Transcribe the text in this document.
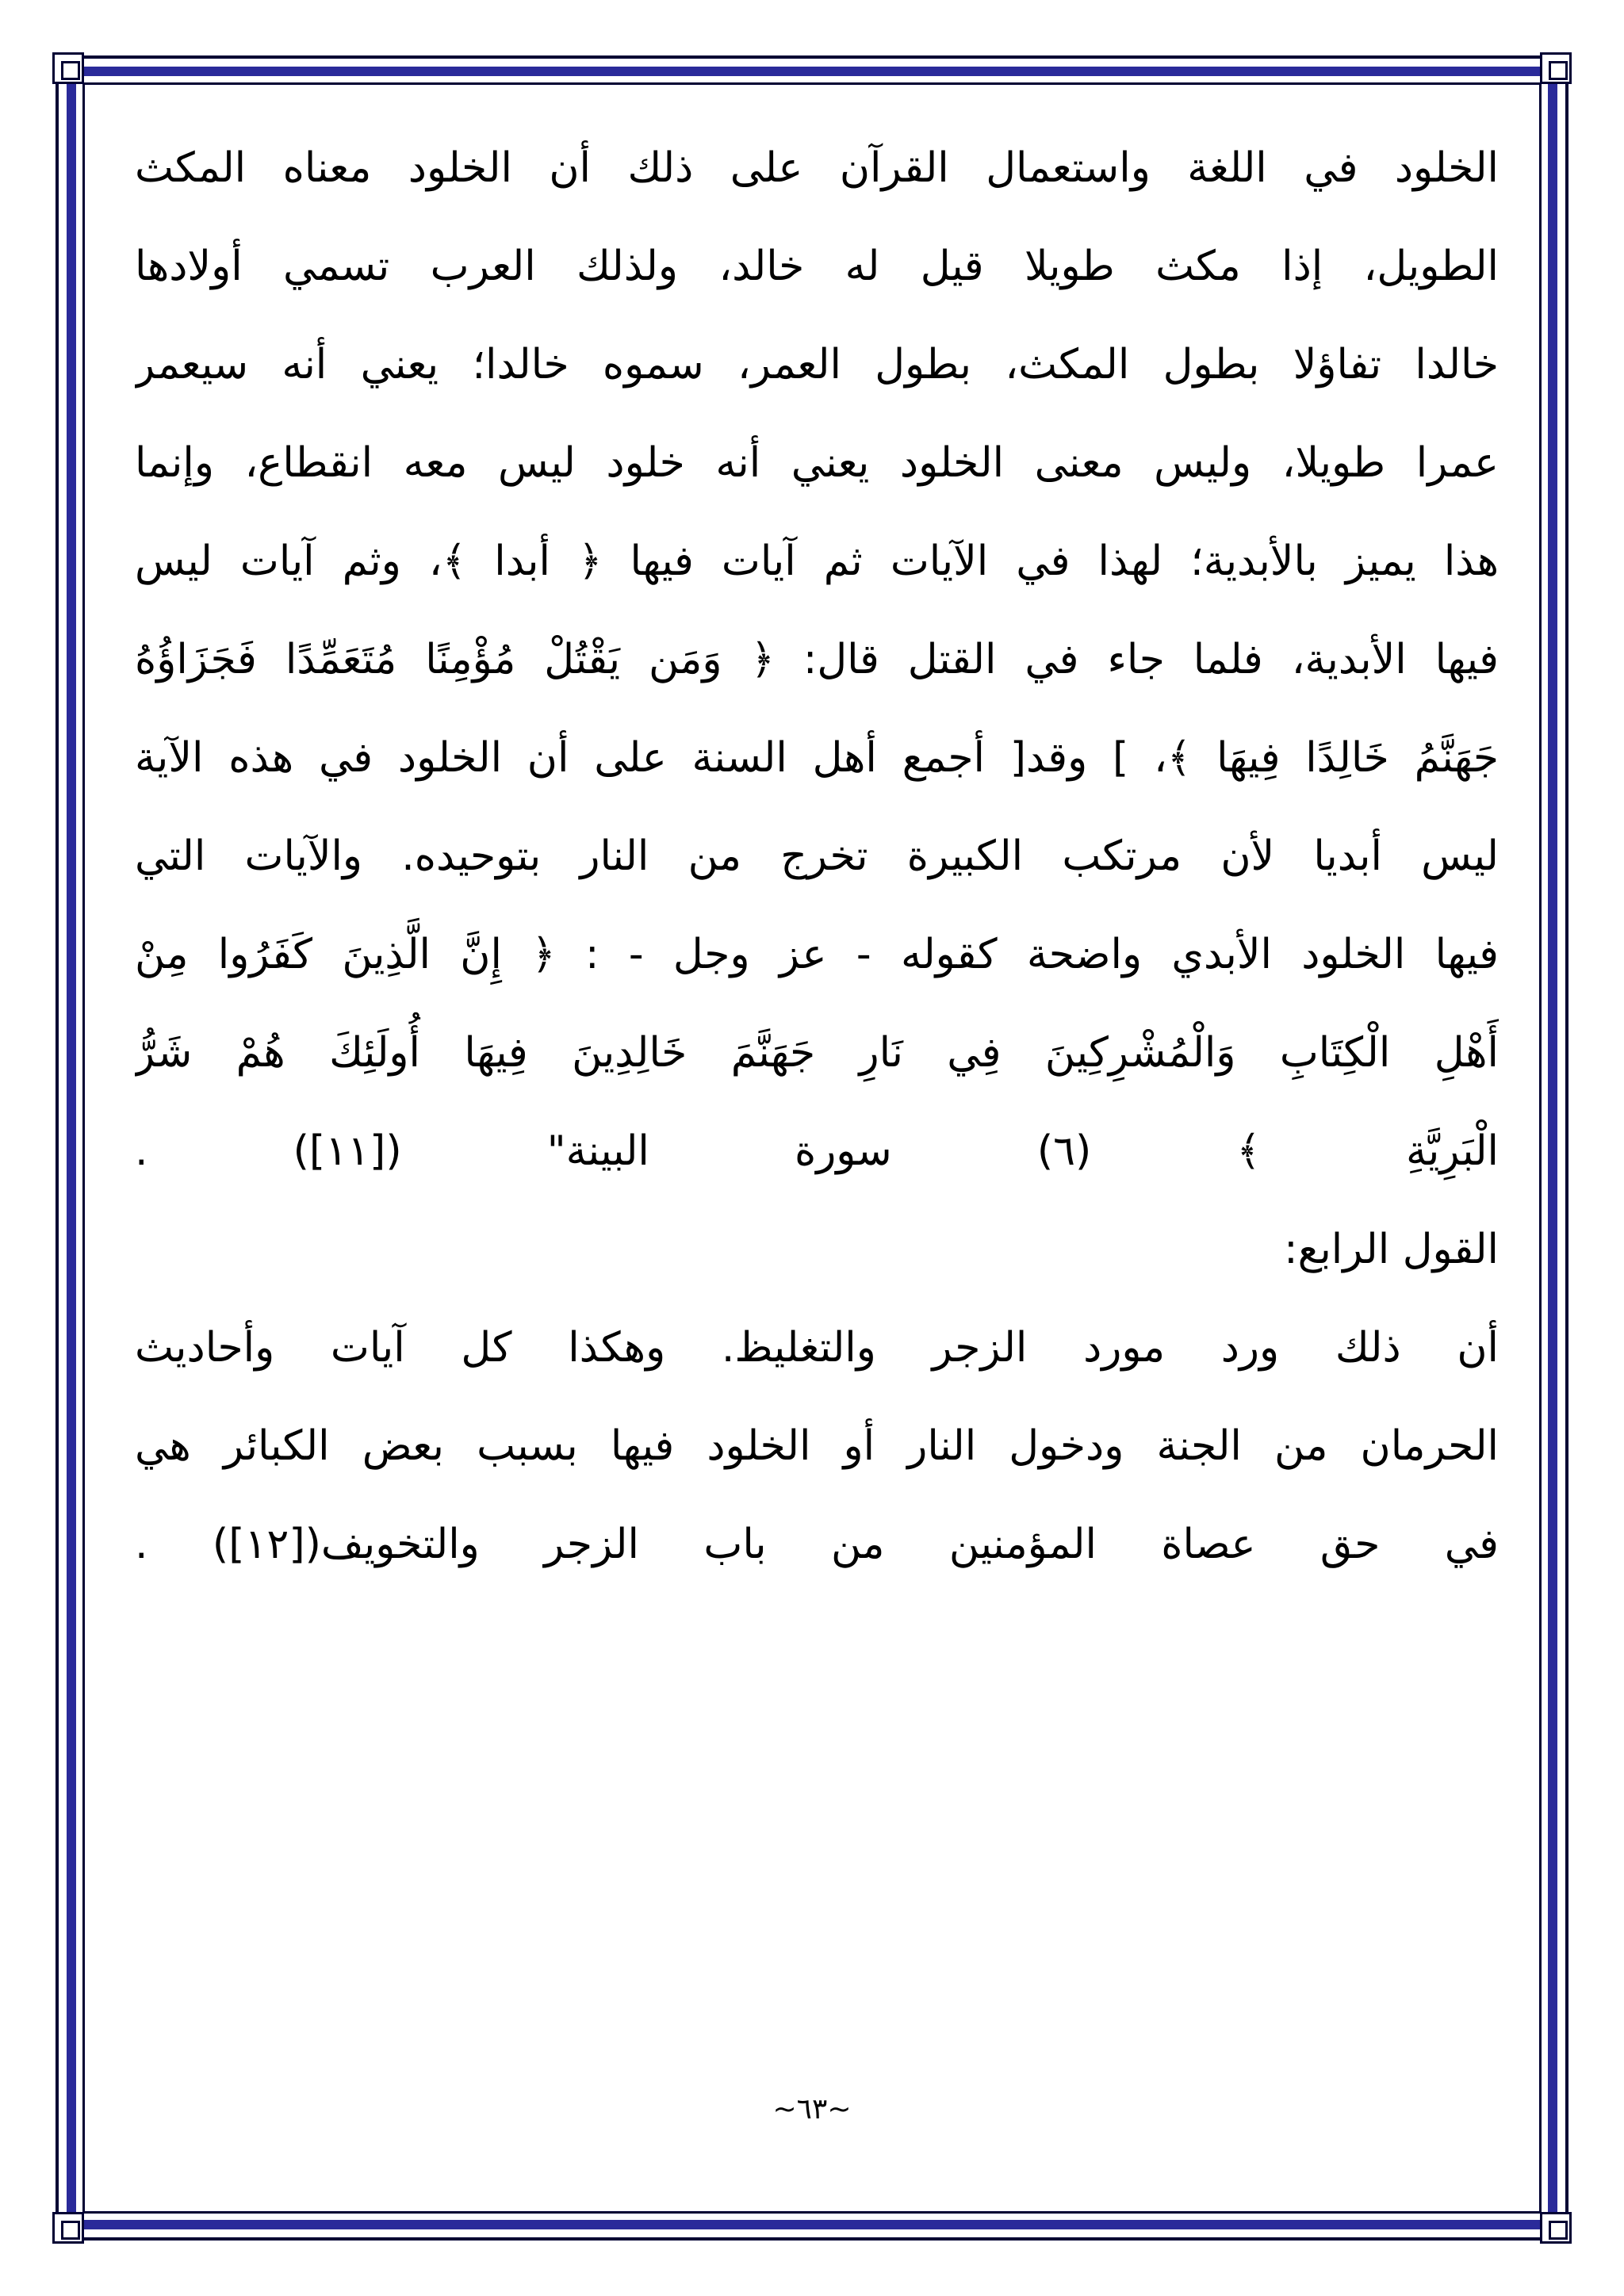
الخلود في اللغة واستعمال القرآن على ذلك أن الخلود معناه المكث
الطويل، إذا مكث طويلا قيل له خالد، ولذلك العرب تسمي أولادها
خالدا تفاؤلا بطول المكث، بطول العمر، سموه خالدا؛ يعني أنه سيعمر
عمرا طويلا، وليس معنى الخلود يعني أنه خلود ليس معه انقطاع، وإنما
هذا يميز بالأبدية؛ لهذا في الآيات ثم آيات فيها ﴿ أبدا ﴾، وثم آيات ليس
فيها الأبدية، فلما جاء في القتل قال: ﴿ وَمَن يَقْتُلْ مُؤْمِنًا مُتَعَمِّدًا فَجَزَاؤُهُ
جَهَنَّمُ خَالِدًا فِيهَا ﴾، ] وقد[ أجمع أهل السنة على أن الخلود في هذه الآية
ليس أبديا لأن مرتكب الكبيرة تخرج من النار بتوحيده. والآيات التي
فيها الخلود الأبدي واضحة كقوله - عز وجل - : ﴿ إِنَّ الَّذِينَ كَفَرُوا مِنْ
أَهْلِ الْكِتَابِ وَالْمُشْرِكِينَ فِي نَارِ جَهَنَّمَ خَالِدِينَ فِيهَا أُولَئِكَ هُمْ شَرُّ
الْبَرِيَّةِ ﴾ (٦) سورة البينة" ([١١]) .
القول الرابع:
أن ذلك ورد مورد الزجر والتغليظ. وهكذا كل آيات وأحاديث
الحرمان من الجنة ودخول النار أو الخلود فيها بسبب بعض الكبائر هي
في حق عصاة المؤمنين من باب الزجر والتخويف([١٢]) .
~٦٣~
